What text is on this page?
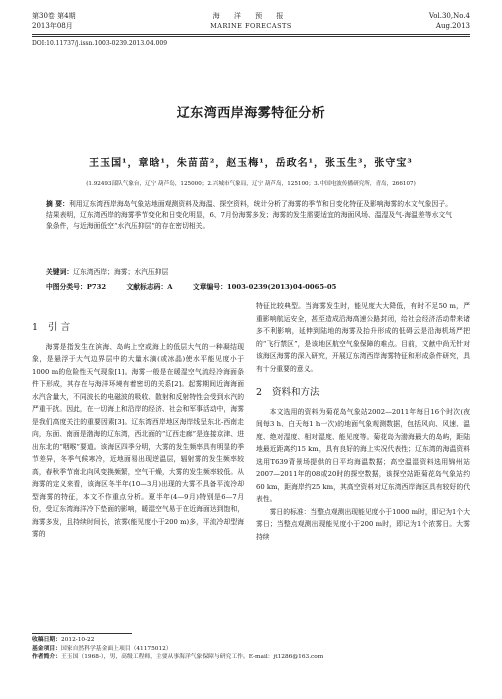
第30卷 第4期
2013年08月
海 洋 预 报
MARINE FORECASTS
Vol.30,No.4
Aug.2013
DOI:10.11737/j.issn.1003-0239.2013.04.009
辽东湾西岸海雾特征分析
王玉国¹，章晗¹，朱苗苗²，赵玉梅¹，岳政名¹，张玉生³，张守宝³
(1.92493部队气象台，辽宁 葫芦岛，125000；2.兴城市气象局，辽宁 葫芦岛，125100；3.中国电波传播研究所，青岛，266107)
摘 要：利用辽东湾西岸海岛气象站地面观测资料及海温、探空资料，统计分析了海雾的季节和日变化特征及影响海雾的水文气象因子。结果表明，辽东湾西岸的海雾季节变化和日变化明显，6、7月份海雾多发；海雾的发生需要适宜的海面风场、温湿及气-海温差等水文气象条件，与近海面低空“水汽压抑层”的存在密切相关。
关键词：辽东湾西岸；海雾；水汽压抑层
中图分类号：P732	文献标志码：A	文章编号：1003-0239(2013)04-0065-05
1 引 言

海雾是指发生在滨海、岛屿上空或海上的低层大气的一种凝结现象，是悬浮于大气边界层中的大量水滴(或冰晶)使水平能见度小于1000 m的危险性天气现象[1]。海雾一般是在暖湿空气流经冷海面条件下形成，其存在与海洋环境有着密切的关系[2]。起雾期间近海海面水汽含量大，不同波长的电磁波的吸收、散射和反射特性会受到水汽的严重干扰。因此，在一切海上和沿岸的经济、社会和军事活动中，海雾是我们高度关注的重要因素[3]。辽东湾西岸地区海岸线呈东北-西南走向，东面、南面是渤海的辽东湾，西北面的“辽西走廊”是连接京津、进出东北的“咽喉”要道。该海区四季分明，大雾的发生频率具有明显的季节差异，冬季气候寒冷，近地面易出现逆温层，辐射雾的发生频率较高，春秋季节南北向风变换频繁，空气干燥，大雾的发生频率较低。从海雾的定义来看，该海区冬半年(10—3月)出现的大雾不具备平流冷却型海雾的特征，本文不作重点分析。夏半年(4—9月)特别是6—7月份，受辽东湾海洋冷下垫面的影响，暖湿空气易于在近海面达到饱和，海雾多发，且持续时间长，浓雾(能见度小于200 m)多，平流冷却型海雾的

特征比较典型。当海雾发生时，能见度大大降低，有时不足50 m，严重影响航运安全，甚至造成沿海高速公路封闭，给社会经济活动带来诸多不利影响，延伸到陆地的海雾及抬升形成的低碍云是沿海机场严把的“飞行禁区”，是该地区航空气象保障的难点。目前，文献中尚无针对该海区海雾的深入研究，开展辽东湾西岸海雾特征和形成条件研究，具有十分重要的意义。

2 资料和方法

本文选用的资料为菊花岛气象站2002—2011年每日16个时次(夜间每3 h、白天每1 h一次)的地面气象观测数据，包括风向、风速、温度、绝对湿度、相对湿度、能见度等。菊花岛为渤海最大的岛屿，距陆地最近距离约15 km，具有良好的海上实况代表性；辽东湾的海温资料选用T639背景场提供的日平均海温数据；高空温湿资料选用锦州站2007—2011年的08或20时的探空数据，该探空站距菊花岛气象站约60 km，距海岸约25 km，其高空资料对辽东湾西岸海区具有较好的代表性。

雾日的标准：当整点观测出现能见度小于1000 m时，即记为1个大雾日；当整点观测出现能见度小于200 m时，即记为1个浓雾日。大雾持续

收稿日期：2012-10-22
基金项目：国家自然科学基金面上项目（41175012）
作者简介：王玉国（1968-），男，高级工程师，主要从事海洋气象保障与研究工作。E-mail：jt1286@163.com
